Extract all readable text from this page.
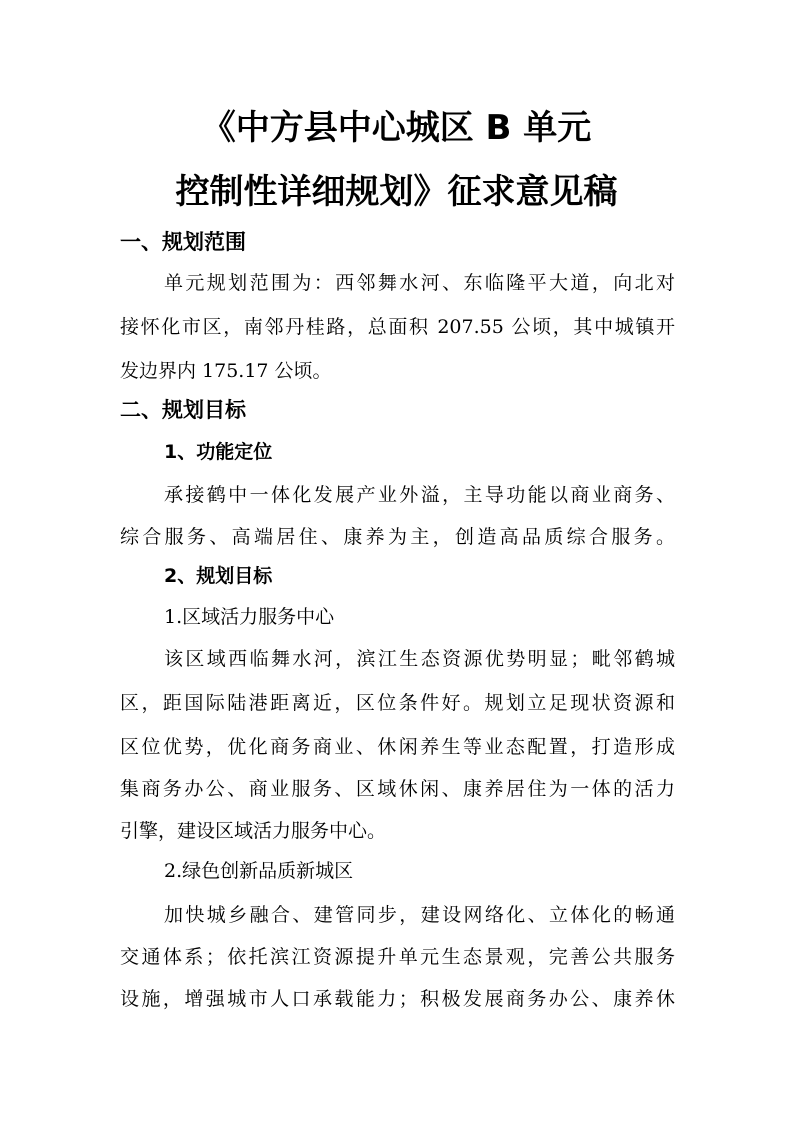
《中方县中心城区 B 单元
控制性详细规划》征求意见稿
一、规划范围
单元规划范围为：西邻舞水河、东临隆平大道，向北对
接怀化市区，南邻丹桂路，总面积 207.55 公顷，其中城镇开
发边界内 175.17 公顷。
二、规划目标
1、功能定位
承接鹤中一体化发展产业外溢，主导功能以商业商务、
综合服务、高端居住、康养为主，创造高品质综合服务。
2、规划目标
1.区域活力服务中心
该区域西临舞水河，滨江生态资源优势明显；毗邻鹤城
区，距国际陆港距离近，区位条件好。规划立足现状资源和
区位优势，优化商务商业、休闲养生等业态配置，打造形成
集商务办公、商业服务、区域休闲、康养居住为一体的活力
引擎，建设区域活力服务中心。
2.绿色创新品质新城区
加快城乡融合、建管同步，建设网络化、立体化的畅通
交通体系；依托滨江资源提升单元生态景观，完善公共服务
设施，增强城市人口承载能力；积极发展商务办公、康养休
